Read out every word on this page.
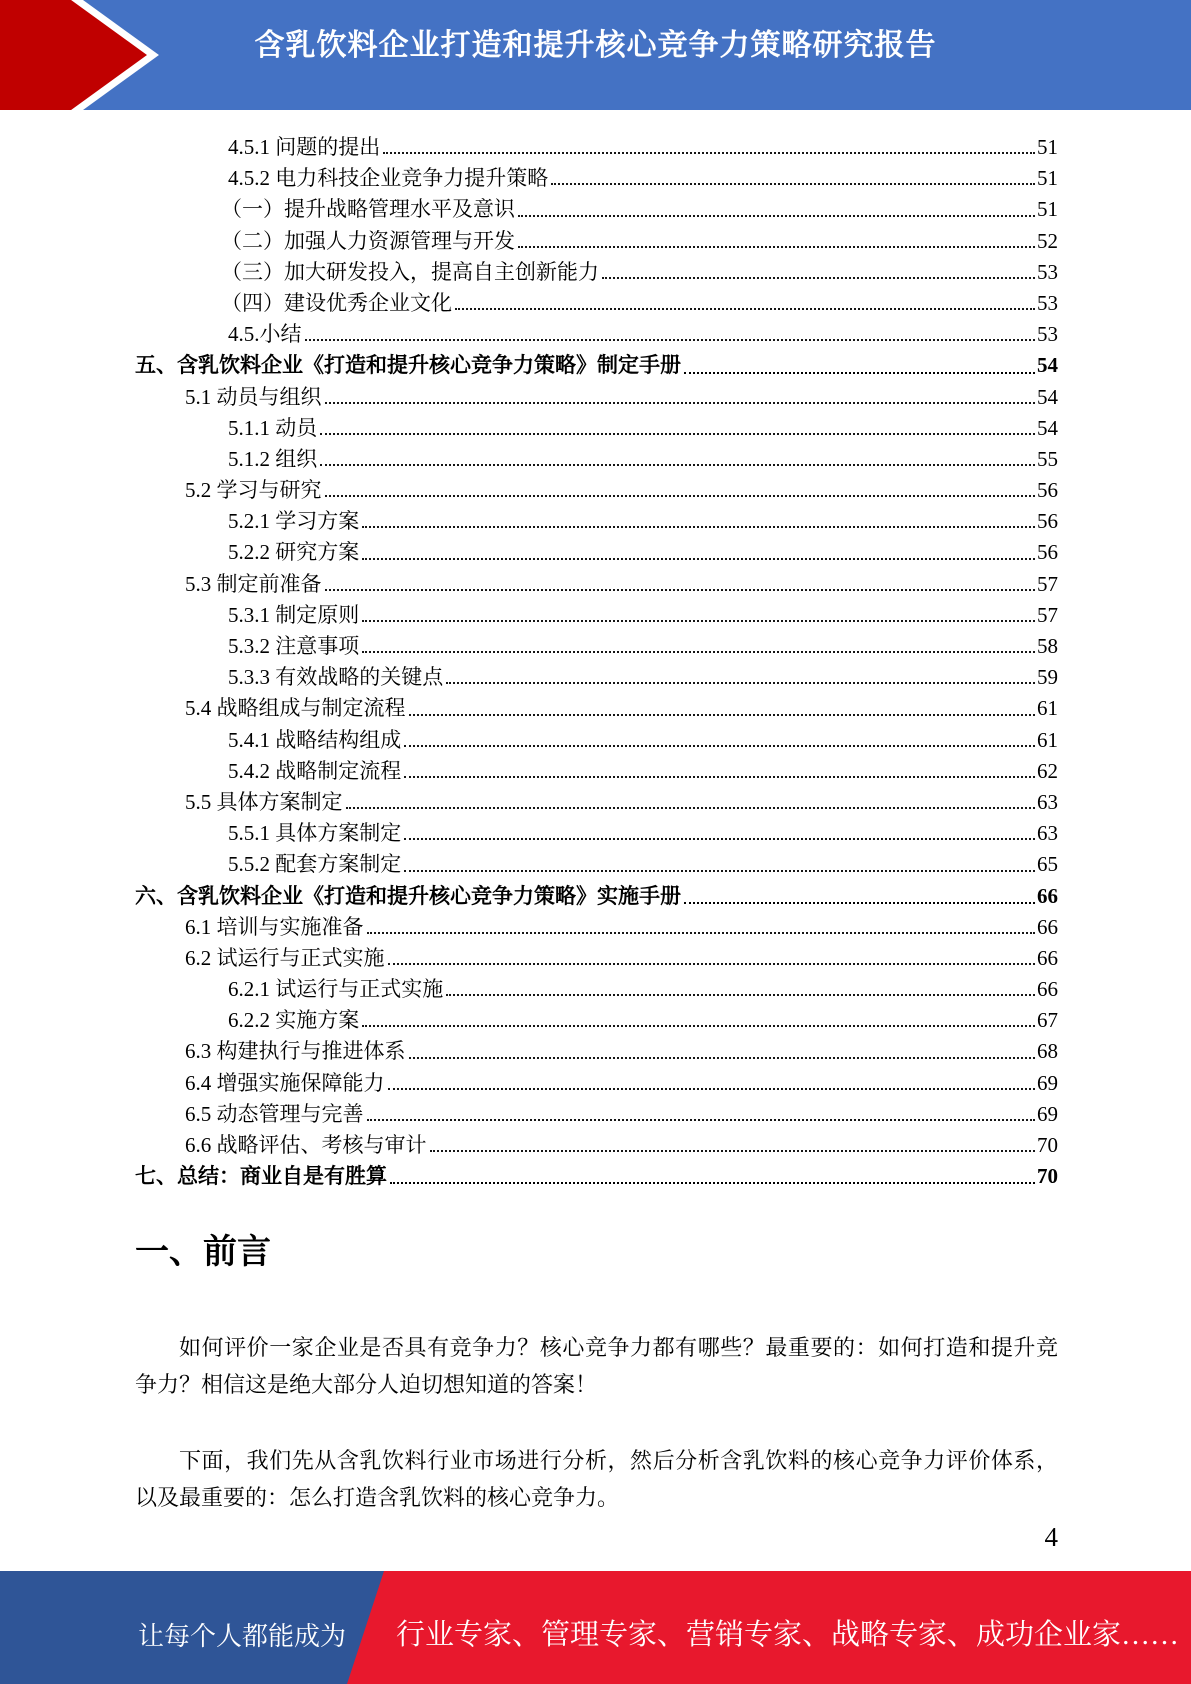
含乳饮料企业打造和提升核心竞争力策略研究报告
4.5.1 问题的提出	51
4.5.2 电力科技企业竞争力提升策略	51
（一）提升战略管理水平及意识	51
（二）加强人力资源管理与开发	52
（三）加大研发投入，提高自主创新能力	53
（四）建设优秀企业文化	53
4.5.小结	53
五、含乳饮料企业《打造和提升核心竞争力策略》制定手册	54
5.1 动员与组织	54
5.1.1 动员	54
5.1.2 组织	55
5.2 学习与研究	56
5.2.1 学习方案	56
5.2.2 研究方案	56
5.3 制定前准备	57
5.3.1 制定原则	57
5.3.2 注意事项	58
5.3.3 有效战略的关键点	59
5.4 战略组成与制定流程	61
5.4.1 战略结构组成	61
5.4.2 战略制定流程	62
5.5 具体方案制定	63
5.5.1 具体方案制定	63
5.5.2 配套方案制定	65
六、含乳饮料企业《打造和提升核心竞争力策略》实施手册	66
6.1 培训与实施准备	66
6.2 试运行与正式实施	66
6.2.1 试运行与正式实施	66
6.2.2 实施方案	67
6.3 构建执行与推进体系	68
6.4 增强实施保障能力	69
6.5 动态管理与完善	69
6.6 战略评估、考核与审计	70
七、总结：商业自是有胜算	70
一、前言

如何评价一家企业是否具有竞争力？核心竞争力都有哪些？最重要的：如何打造和提升竞争力？相信这是绝大部分人迫切想知道的答案！

下面，我们先从含乳饮料行业市场进行分析，然后分析含乳饮料的核心竞争力评价体系，以及最重要的：怎么打造含乳饮料的核心竞争力。

4
让每个人都能成为 行业专家、管理专家、营销专家、战略专家、成功企业家……
